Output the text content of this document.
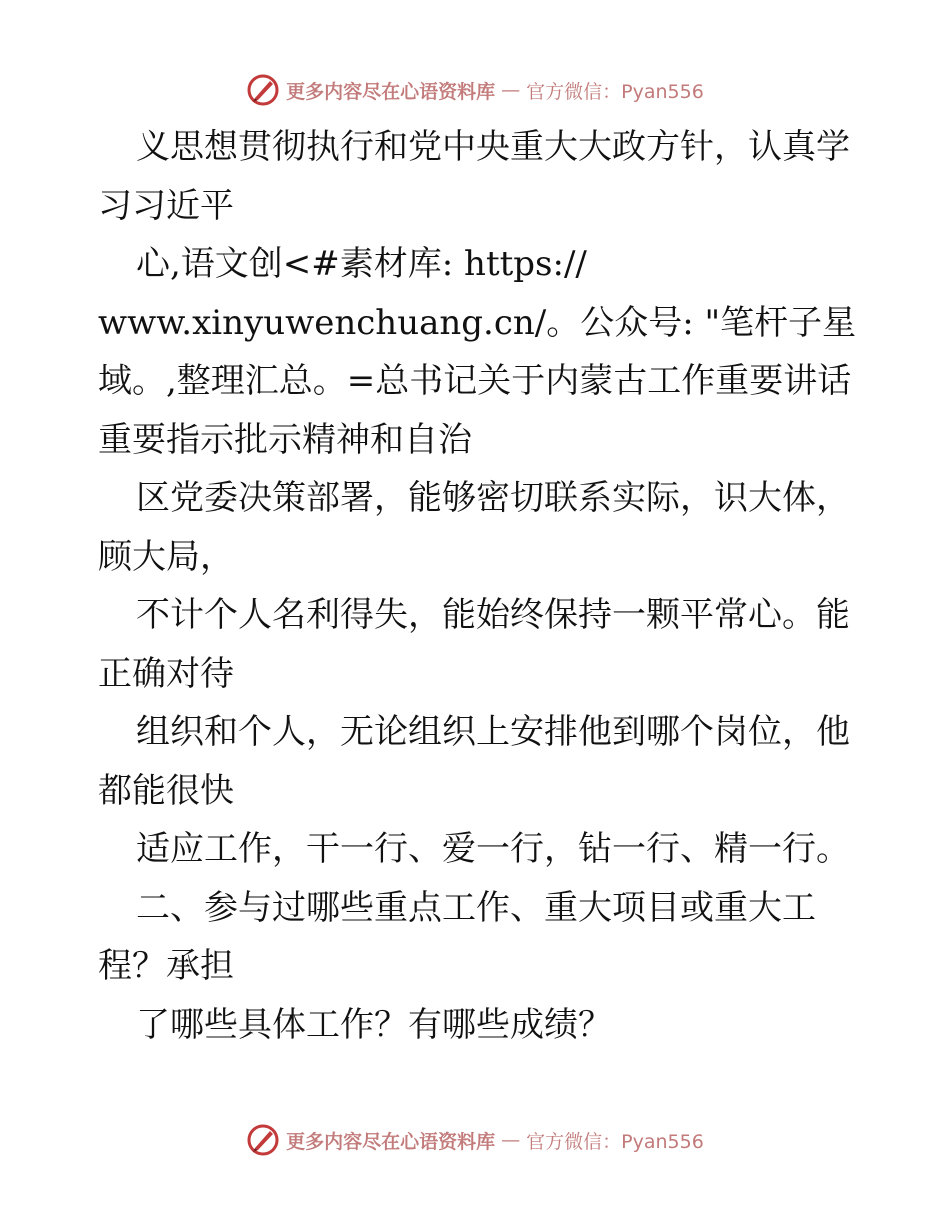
更多内容尽在心语资料库 — 官方微信：Pyan556
义思想贯彻执行和党中央重大大政方针，认真学
习习近平
心,语文创<#素材库: https://
www.xinyuwenchuang.cn/。公众号: "笔杆子星
域。,整理汇总。=总书记关于内蒙古工作重要讲话
重要指示批示精神和自治
区党委决策部署，能够密切联系实际，识大体，
顾大局，
不计个人名利得失，能始终保持一颗平常心。能
正确对待
组织和个人，无论组织上安排他到哪个岗位，他
都能很快
适应工作，干一行、爱一行，钻一行、精一行。
二、参与过哪些重点工作、重大项目或重大工
程？承担
了哪些具体工作？有哪些成绩？
更多内容尽在心语资料库 — 官方微信：Pyan556
